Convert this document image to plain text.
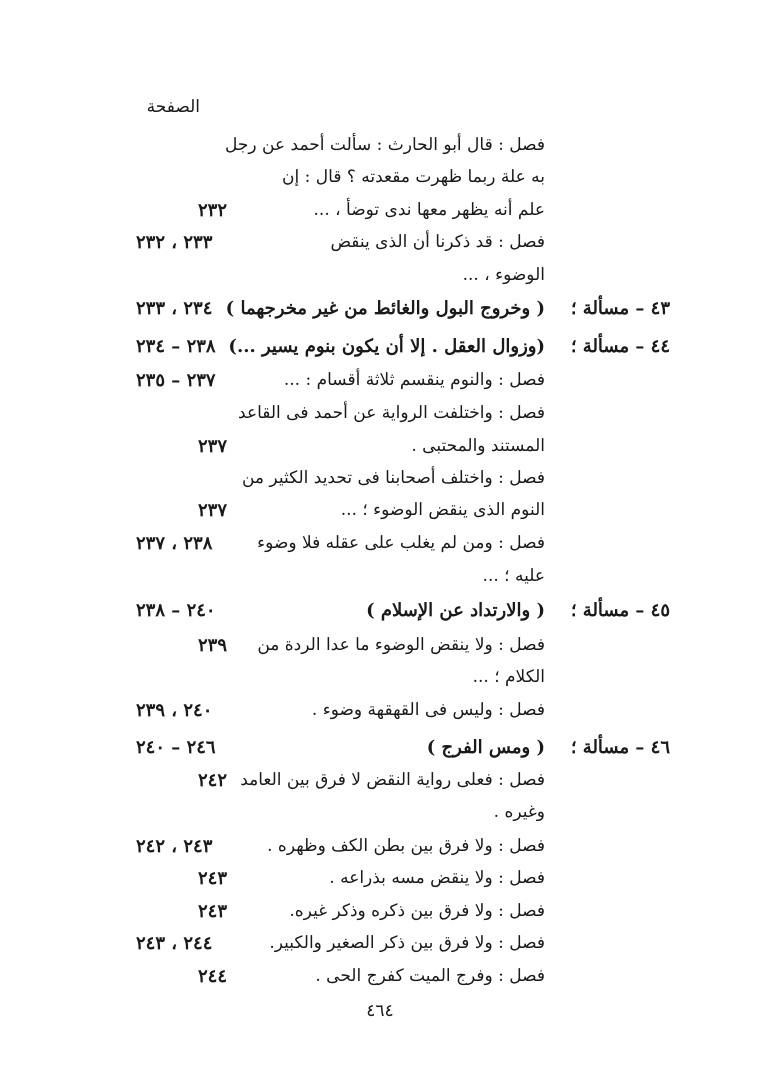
الصفحة
فصل : قال أبو الحارث : سألت أحمد عن رجل
به علة ربما ظهرت مقعدته ؟ قال : إن
علم أنه يظهر معها ندى توضأ ، ...
٢٣٢
فصل : قد ذكرنا أن الذى ينقض
٢٣٣ ، ٢٣٢
الوضوء ، ...
٤٣ – مسألة ؛
( وخروج البول والغائط من غير مخرجهما )
٢٣٤ ، ٢٣٣
٤٤ – مسألة ؛
(وزوال العقل . إلا أن يكون بنوم يسير ...)
٢٣٨ – ٢٣٤
فصل : والنوم ينقسم ثلاثة أقسام : ...
٢٣٧ – ٢٣٥
فصل : واختلفت الرواية عن أحمد فى القاعد
المستند والمحتبى .
٢٣٧
فصل : واختلف أصحابنا فى تحديد الكثير من
النوم الذى ينقض الوضوء ؛ ...
٢٣٧
فصل : ومن لم يغلب على عقله فلا وضوء
٢٣٨ ، ٢٣٧
عليه ؛ ...
٤٥ – مسألة ؛
( والارتداد عن الإسلام )
٢٤٠ – ٢٣٨
فصل : ولا ينقض الوضوء ما عدا الردة من
٢٣٩
الكلام ؛ ...
فصل : وليس فى القهقهة وضوء .
٢٤٠ ، ٢٣٩
٤٦ – مسألة ؛
( ومس الفرج )
٢٤٦ – ٢٤٠
فصل : فعلى رواية النقض لا فرق بين العامد
٢٤٢
وغيره .
فصل : ولا فرق بين بطن الكف وظهره .
٢٤٣ ، ٢٤٢
فصل : ولا ينقض مسه بذراعه .
٢٤٣
فصل : ولا فرق بين ذكره وذكر غيره.
٢٤٣
فصل : ولا فرق بين ذكر الصغير والكبير.
٢٤٤ ، ٢٤٣
فصل : وفرج الميت كفرج الحى .
٢٤٤
٤٦٤
